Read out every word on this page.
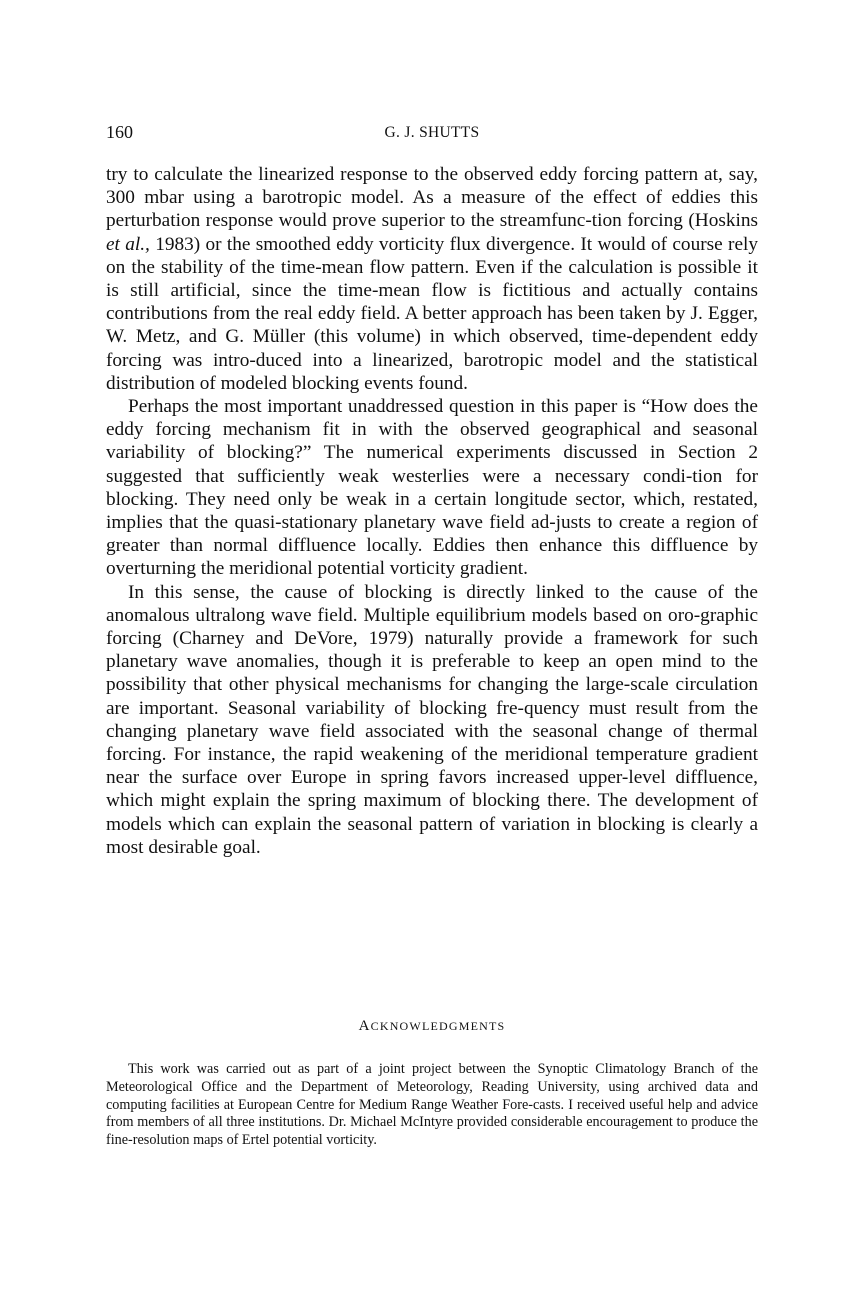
160	G. J. SHUTTS

try to calculate the linearized response to the observed eddy forcing pattern at, say, 300 mbar using a barotropic model. As a measure of the effect of eddies this perturbation response would prove superior to the streamfunc-tion forcing (Hoskins et al., 1983) or the smoothed eddy vorticity flux divergence. It would of course rely on the stability of the time-mean flow pattern. Even if the calculation is possible it is still artificial, since the time-mean flow is fictitious and actually contains contributions from the real eddy field. A better approach has been taken by J. Egger, W. Metz, and G. Müller (this volume) in which observed, time-dependent eddy forcing was intro-duced into a linearized, barotropic model and the statistical distribution of modeled blocking events found.

Perhaps the most important unaddressed question in this paper is “How does the eddy forcing mechanism fit in with the observed geographical and seasonal variability of blocking?” The numerical experiments discussed in Section 2 suggested that sufficiently weak westerlies were a necessary condi-tion for blocking. They need only be weak in a certain longitude sector, which, restated, implies that the quasi-stationary planetary wave field ad-justs to create a region of greater than normal diffluence locally. Eddies then enhance this diffluence by overturning the meridional potential vorticity gradient.

In this sense, the cause of blocking is directly linked to the cause of the anomalous ultralong wave field. Multiple equilibrium models based on oro-graphic forcing (Charney and DeVore, 1979) naturally provide a framework for such planetary wave anomalies, though it is preferable to keep an open mind to the possibility that other physical mechanisms for changing the large-scale circulation are important. Seasonal variability of blocking fre-quency must result from the changing planetary wave field associated with the seasonal change of thermal forcing. For instance, the rapid weakening of the meridional temperature gradient near the surface over Europe in spring favors increased upper-level diffluence, which might explain the spring maximum of blocking there. The development of models which can explain the seasonal pattern of variation in blocking is clearly a most desirable goal.

ACKNOWLEDGMENTS

This work was carried out as part of a joint project between the Synoptic Climatology Branch of the Meteorological Office and the Department of Meteorology, Reading University, using archived data and computing facilities at European Centre for Medium Range Weather Fore-casts. I received useful help and advice from members of all three institutions. Dr. Michael McIntyre provided considerable encouragement to produce the fine-resolution maps of Ertel potential vorticity.
